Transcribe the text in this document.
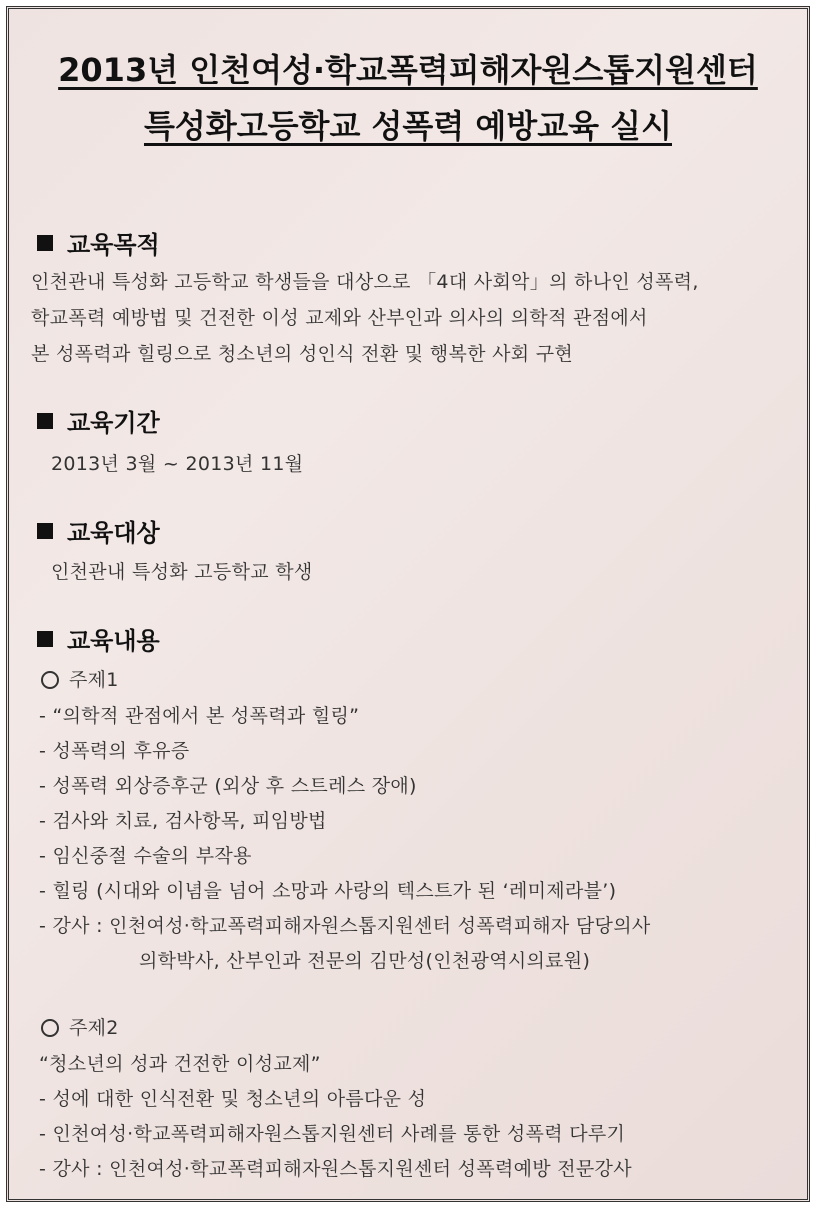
2013년 인천여성·학교폭력피해자원스톱지원센터
특성화고등학교 성폭력 예방교육 실시
교육목적
인천관내 특성화 고등학교 학생들을 대상으로 「4대 사회악」의 하나인 성폭력,
학교폭력 예방법 및 건전한 이성 교제와 산부인과 의사의 의학적 관점에서
본 성폭력과 힐링으로 청소년의 성인식 전환 및 행복한 사회 구현
교육기간
2013년 3월 ~ 2013년 11월
교육대상
인천관내 특성화 고등학교 학생
교육내용
주제1
- “의학적 관점에서 본 성폭력과 힐링”
- 성폭력의 후유증
- 성폭력 외상증후군 (외상 후 스트레스 장애)
- 검사와 치료, 검사항목, 피임방법
- 임신중절 수술의 부작용
- 힐링 (시대와 이념을 넘어 소망과 사랑의 텍스트가 된 ‘레미제라블’)
- 강사 : 인천여성·학교폭력피해자원스톱지원센터 성폭력피해자 담당의사
의학박사, 산부인과 전문의 김만성(인천광역시의료원)
주제2
“청소년의 성과 건전한 이성교제”
- 성에 대한 인식전환 및 청소년의 아름다운 성
- 인천여성·학교폭력피해자원스톱지원센터 사례를 통한 성폭력 다루기
- 강사 : 인천여성·학교폭력피해자원스톱지원센터 성폭력예방 전문강사
